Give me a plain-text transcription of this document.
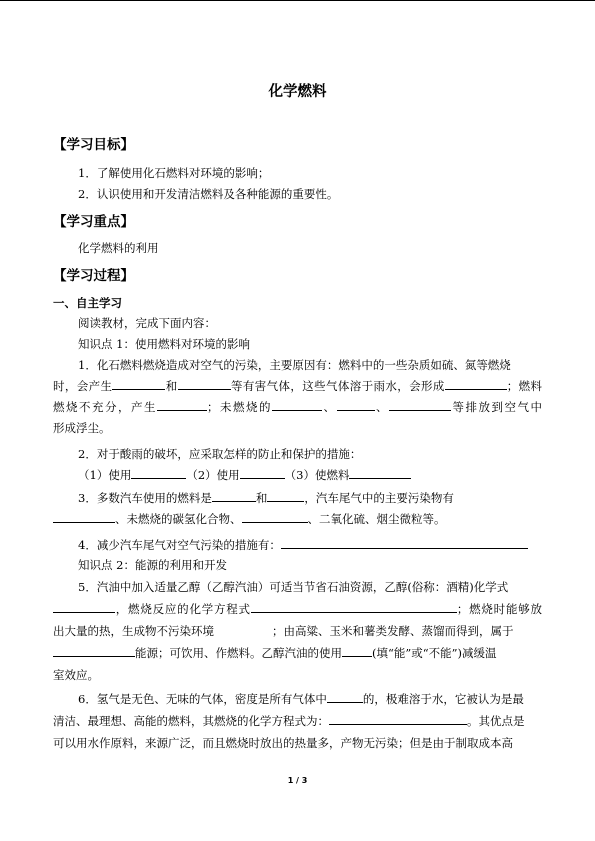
化学燃料
【学习目标】
1．了解使用化石燃料对环境的影响；
2．认识使用和开发清洁燃料及各种能源的重要性。
【学习重点】
化学燃料的利用
【学习过程】
一、自主学习
阅读教材，完成下面内容：
知识点 1：使用燃料对环境的影响
1．化石燃料燃烧造成对空气的污染，主要原因有：燃料中的一些杂质如硫、氮等燃烧
时，会产生	和	等有害气体，这些气体溶于雨水，会形成	；燃料
燃烧不充分，产生	；未燃烧的	、	、	等排放到空气中
形成浮尘。
2．对于酸雨的破坏，应采取怎样的防止和保护的措施：
（1）使用	（2）使用	（3）使燃料
3．多数汽车使用的燃料是	和	，汽车尾气中的主要污染物有
、未燃烧的碳氢化合物、	、二氧化硫、烟尘微粒等。
4．减少汽车尾气对空气污染的措施有：
知识点 2：能源的利用和开发
5．汽油中加入适量乙醇（乙醇汽油）可适当节省石油资源，乙醇(俗称：酒精)化学式
，燃烧反应的化学方程式	；燃烧时能够放
出大量的热，生成物不污染环境	；由高粱、玉米和薯类发酵、蒸馏而得到，属于
能源；可饮用、作燃料。乙醇汽油的使用	(填“能”或“不能”)减缓温
室效应。
6．氢气是无色、无味的气体，密度是所有气体中	的，极难溶于水，它被认为是最
清洁、最理想、高能的燃料，其燃烧的化学方程式为：	。其优点是
可以用水作原料，来源广泛，而且燃烧时放出的热量多，产物无污染；但是由于制取成本高
1 / 3
